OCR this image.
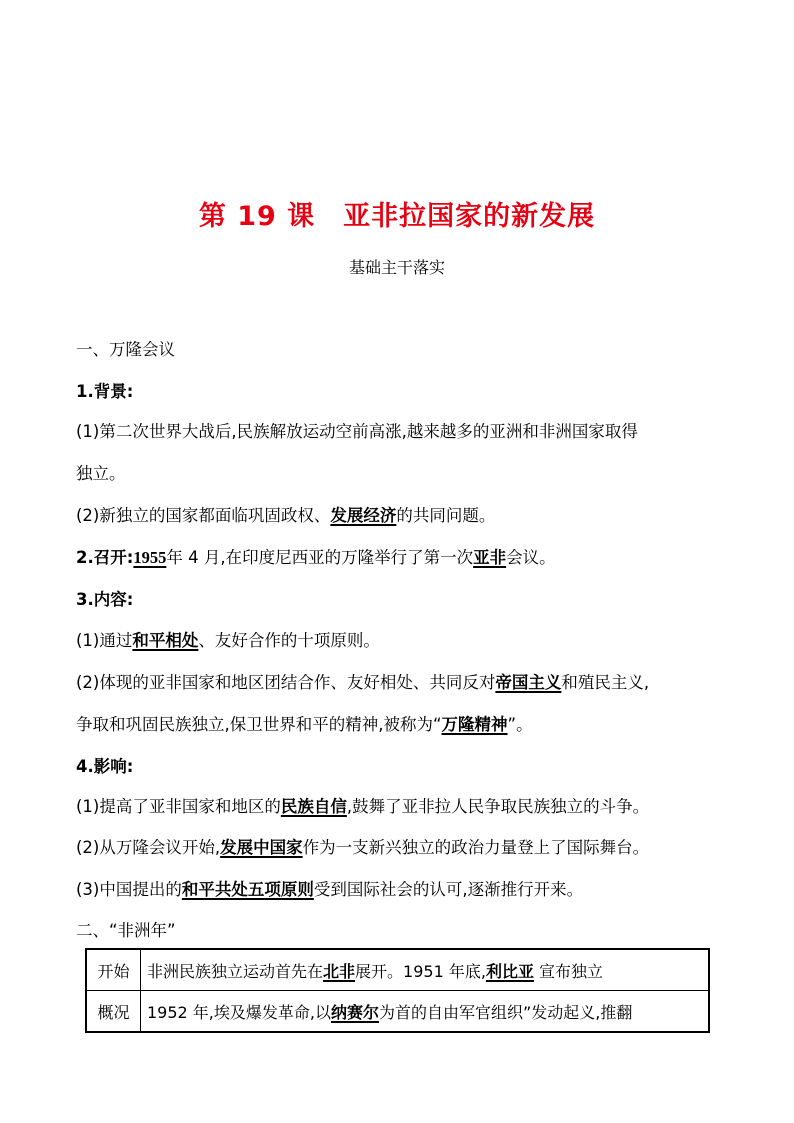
第 19 课 亚非拉国家的新发展
基础主干落实
一、万隆会议
1.背景:
(1)第二次世界大战后,民族解放运动空前高涨,越来越多的亚洲和非洲国家取得
独立。
(2)新独立的国家都面临巩固政权、发展经济的共同问题。
2.召开:1955年 4 月,在印度尼西亚的万隆举行了第一次亚非会议。
3.内容:
(1)通过和平相处、友好合作的十项原则。
(2)体现的亚非国家和地区团结合作、友好相处、共同反对帝国主义和殖民主义,
争取和巩固民族独立,保卫世界和平的精神,被称为“万隆精神”。
4.影响:
(1)提高了亚非国家和地区的民族自信,鼓舞了亚非拉人民争取民族独立的斗争。
(2)从万隆会议开始,发展中国家作为一支新兴独立的政治力量登上了国际舞台。
(3)中国提出的和平共处五项原则受到国际社会的认可,逐渐推行开来。
二、“非洲年”
开始	非洲民族独立运动首先在北非展开。1951 年底,利比亚 宣布独立
概况	1952 年,埃及爆发革命,以纳赛尔为首的自由军官组织”发动起义,推翻
